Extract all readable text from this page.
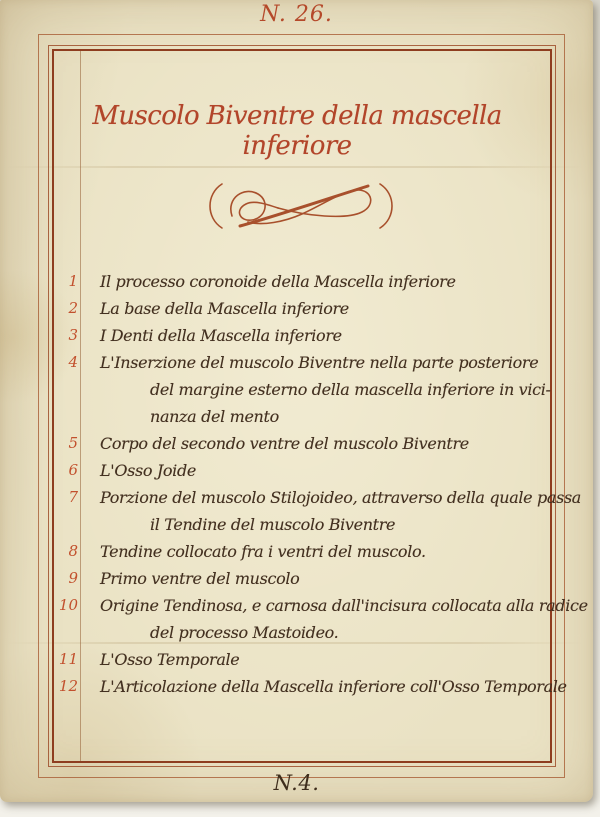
N. 26.
Muscolo Biventre della mascella inferiore
1 Il processo coronoide della Mascella inferiore
2 La base della Mascella inferiore
3 I Denti della Mascella inferiore
4 L'Inserzione del muscolo Biventre nella parte posteriore
del margine esterno della mascella inferiore in vici-
nanza del mento
5 Corpo del secondo ventre del muscolo Biventre
6 L'Osso Joide
7 Porzione del muscolo Stilojoideo, attraverso della quale passa
il Tendine del muscolo Biventre
8 Tendine collocato fra i ventri del muscolo.
9 Primo ventre del muscolo
10 Origine Tendinosa, e carnosa dall'incisura collocata alla radice
del processo Mastoideo.
11 L'Osso Temporale
12 L'Articolazione della Mascella inferiore coll'Osso Temporale
N.4.
